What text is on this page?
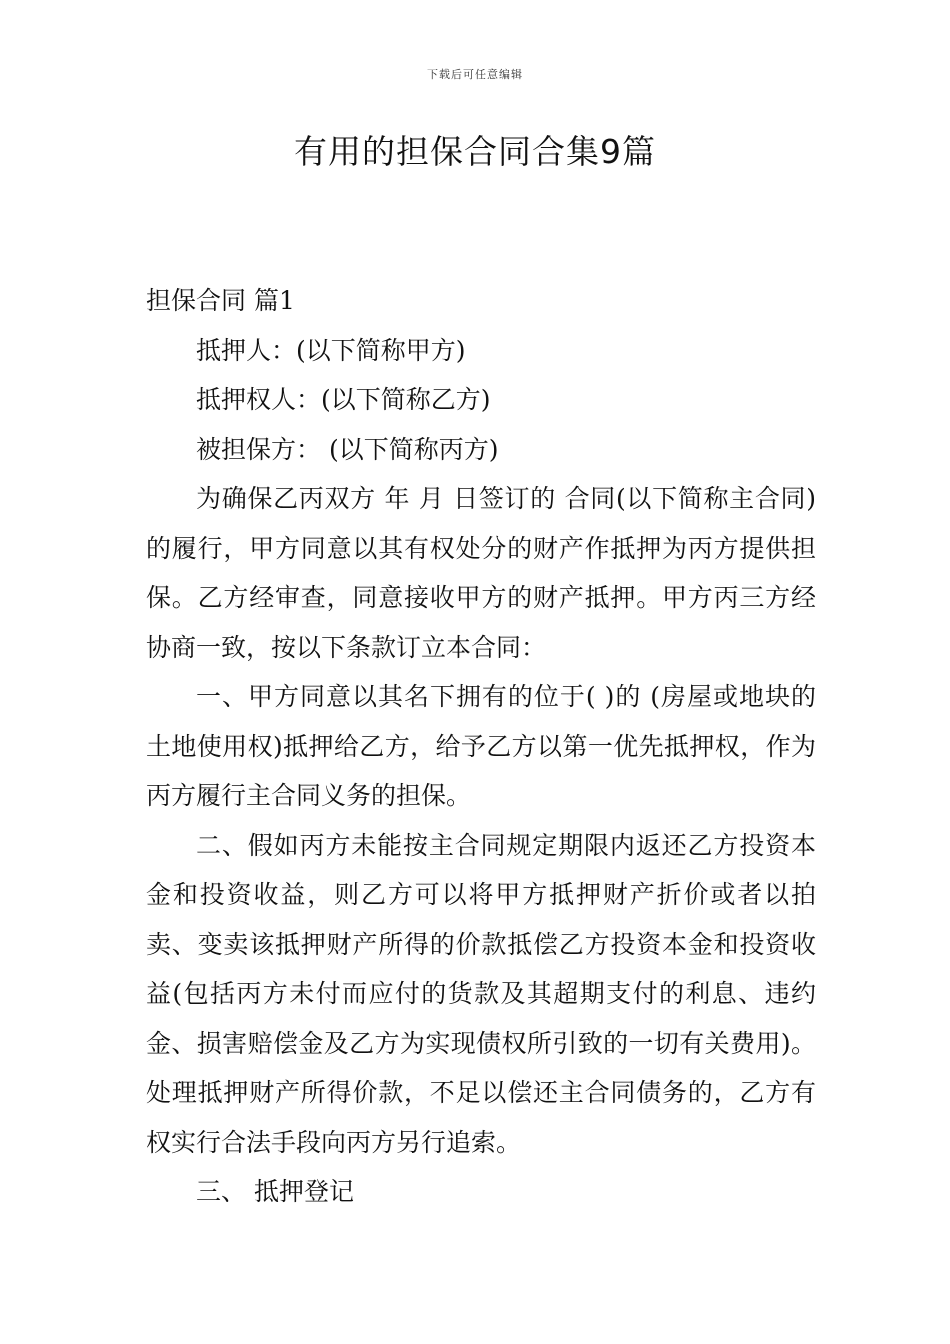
下载后可任意编辑
有用的担保合同合集9篇

担保合同 篇1

抵押人：(以下简称甲方)

抵押权人：(以下简称乙方)

被担保方： (以下简称丙方)

为确保乙丙双方 年 月 日签订的 合同(以下简称主合同)的履行，甲方同意以其有权处分的财产作抵押为丙方提供担保。乙方经审查，同意接收甲方的财产抵押。甲方丙三方经协商一致，按以下条款订立本合同：

一、甲方同意以其名下拥有的位于( )的 (房屋或地块的土地使用权)抵押给乙方，给予乙方以第一优先抵押权，作为丙方履行主合同义务的担保。

二、假如丙方未能按主合同规定期限内返还乙方投资本金和投资收益，则乙方可以将甲方抵押财产折价或者以拍卖、变卖该抵押财产所得的价款抵偿乙方投资本金和投资收益(包括丙方未付而应付的货款及其超期支付的利息、违约金、损害赔偿金及乙方为实现债权所引致的一切有关费用)。处理抵押财产所得价款，不足以偿还主合同债务的，乙方有权实行合法手段向丙方另行追索。

三、 抵押登记
